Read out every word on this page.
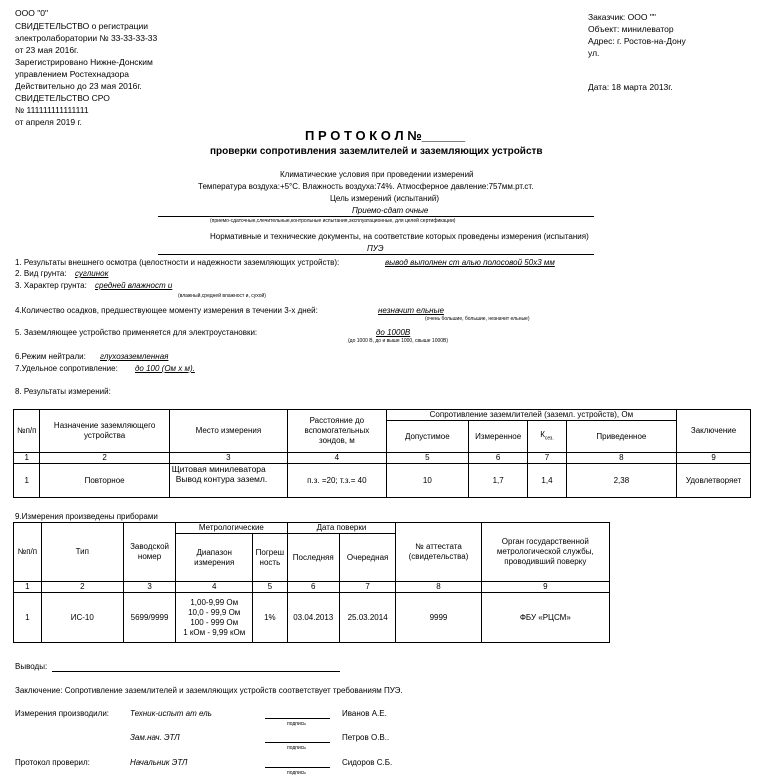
ООО "0"
СВИДЕТЕЛЬСТВО о регистрации
электролаборатории № 33-33-33-33
от 23 мая 2016г.
Зарегистрировано Нижне-Донским
управлением Ростехнадзора
Действительно до 23 мая 2016г.
СВИДЕТЕЛЬСТВО СРО
№ 111111111111111
от апреля 2019 г.
Заказчик: ООО ""
Объект: минилеватор
Адрес: г. Ростов-на-Дону
ул.
Дата: 18 марта 2013г.
П Р О Т О К О Л №______
проверки сопротивления заземлителей и заземляющих устройств
Климатические условия при проведении измерений
Температура воздуха:+5°С. Влажность воздуха:74%. Атмосферное давление:757мм.рт.ст.
Цель измерений (испытаний)
Приемо-сдат очные
(приемо-сдаточные,слечительные,контрольные испытания,эксплуатационные, для целей сертификации)
Нормативные и технические документы, на соответствие которых проведены измерения (испытания)
ПУЭ
1. Результаты внешнего осмотра (целостности и надежности заземляющих устройств):	вывод выполнен ст алью полосовой 50х3 мм
2. Вид грунта: суглинок
3. Характер грунта: средней влажност и
(влажный,средней влажност и, сухой)
4.Количество осадков, предшествующее моменту измерения в течении 3-х дней:	незначит ельные
(очень большие, большие, незначит ельные)
5. Заземляющее устройство применяется для электроустановки:	до 1000В
(до 1000 В, до и выше 1000, свыше 1000В)
6.Режим нейтрали: глухозаземленная
7.Удельное сопротивление: до 100 (Ом х м).
8. Результаты измерений:
№п/п	Назначение заземляющего устройства	Место измерения	Расстояние до вспомогательных зондов, м	Сопротивление заземлителей (заземл. устройств), Ом				Заключение
				Допустимое	Измеренное	$К_{сез.}$	Приведенное	
1	2	3	4	5	6	7	8	9
1	Повторное	Щитовая минилеватора
Вывод контура заземл.	п.з. =20; т.з.= 40	10	1,7	1,4	2,38	Удовлетворяет
9.Измерения произведены приборами
№п/п	Тип	Заводской номер	Метрологические		Дата поверки		№ аттестата (свидетельства)	Орган государственной метрологической службы, проводивший поверку
			Диапазон измерения	Погреш ность	Последняя	Очередная		
1	2	3	4	5	6	7	8	9
1	ИС-10	5699/9999	1,00-9,99 Ом
10,0 - 99,9 Ом
100 - 999 Ом
1 кОм - 9,99 кОм	1%	03.04.2013	25.03.2014	9999	ФБУ «РЦСМ»
Выводы:
Заключение: Сопротивление заземлителей и заземляющих устройств соответствует требованиям ПУЭ.
Измерения производили:	Техник-испыт ат ель
подпись
Иванов А.Е.
Зам.нач. ЭТЛ
подпись
Петров О.В..
Протокол проверил:	Начальник ЭТЛ
подпись
Сидоров С.Б.
